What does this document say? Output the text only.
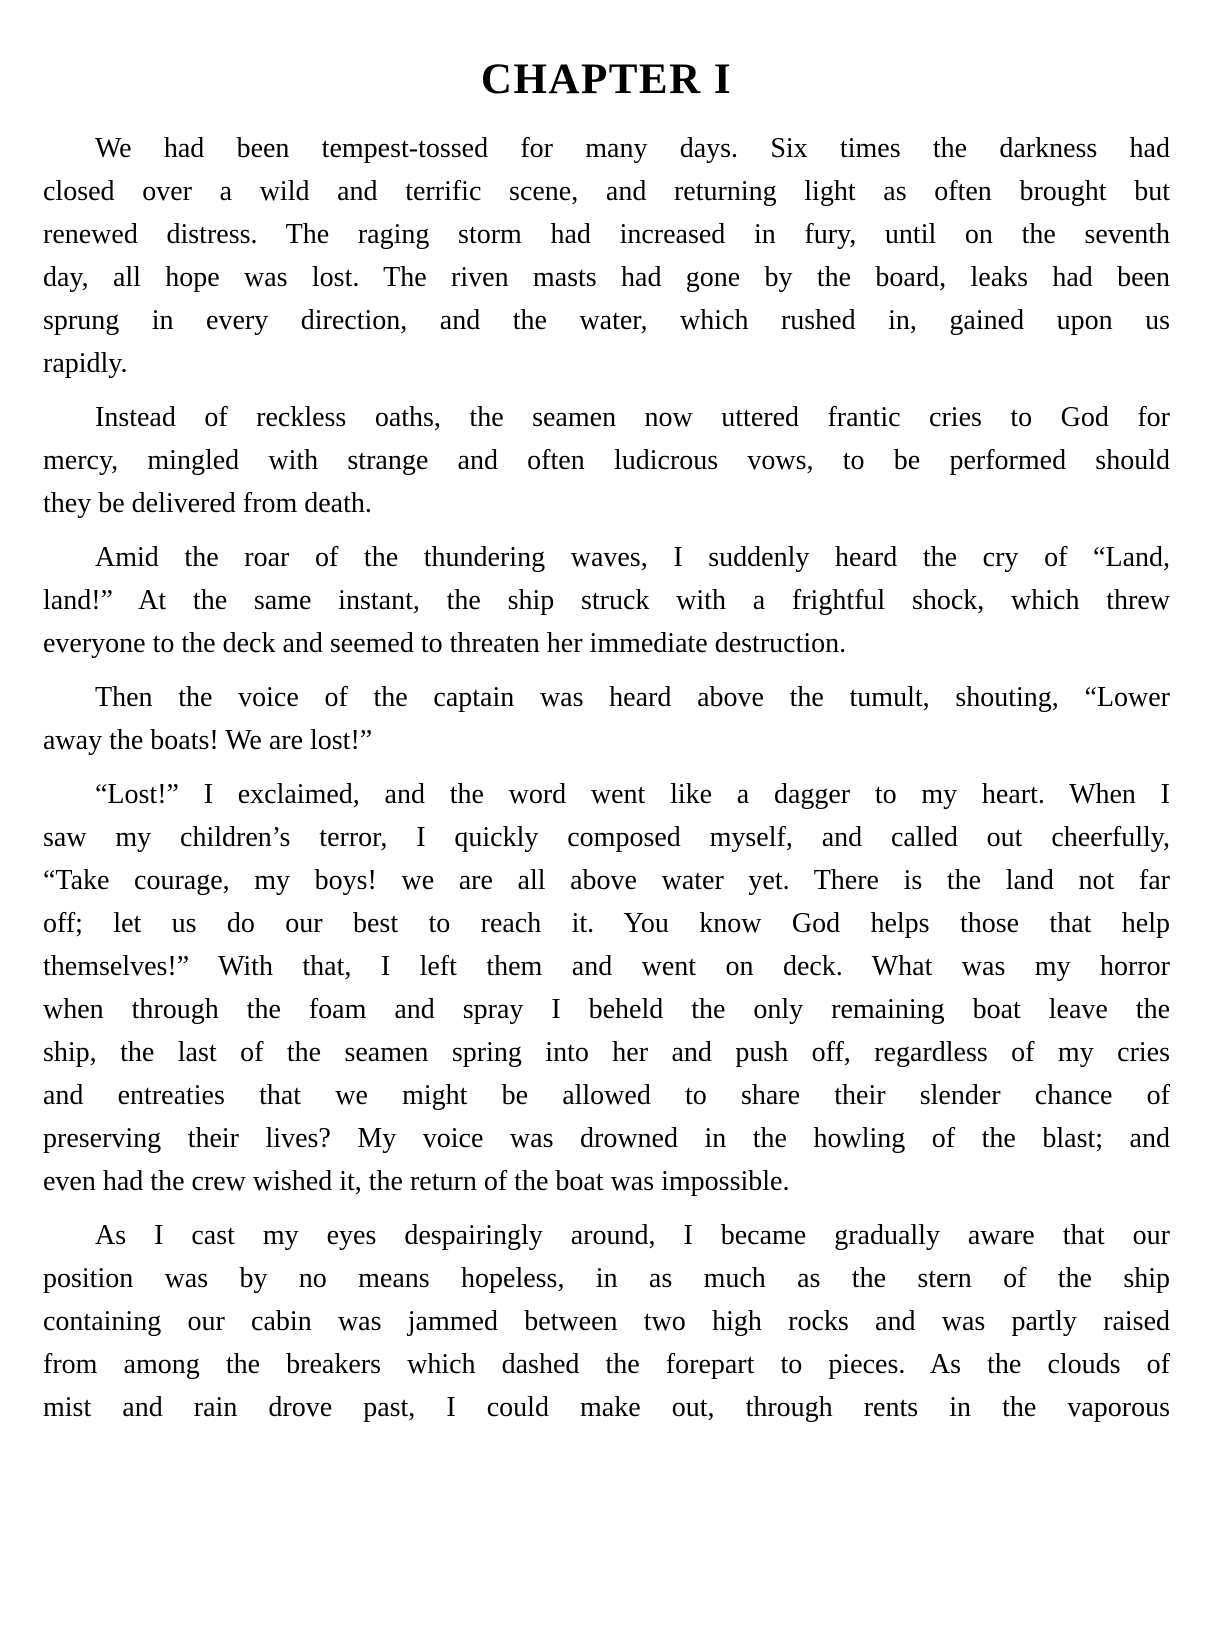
CHAPTER I
We had been tempest-tossed for many days. Six times the darkness had
closed over a wild and terrific scene, and returning light as often brought but
renewed distress. The raging storm had increased in fury, until on the seventh
day, all hope was lost. The riven masts had gone by the board, leaks had been
sprung in every direction, and the water, which rushed in, gained upon us
rapidly.
Instead of reckless oaths, the seamen now uttered frantic cries to God for
mercy, mingled with strange and often ludicrous vows, to be performed should
they be delivered from death.
Amid the roar of the thundering waves, I suddenly heard the cry of “Land,
land!” At the same instant, the ship struck with a frightful shock, which threw
everyone to the deck and seemed to threaten her immediate destruction.
Then the voice of the captain was heard above the tumult, shouting, “Lower
away the boats! We are lost!”
“Lost!” I exclaimed, and the word went like a dagger to my heart. When I
saw my children’s terror, I quickly composed myself, and called out cheerfully,
“Take courage, my boys! we are all above water yet. There is the land not far
off; let us do our best to reach it. You know God helps those that help
themselves!” With that, I left them and went on deck. What was my horror
when through the foam and spray I beheld the only remaining boat leave the
ship, the last of the seamen spring into her and push off, regardless of my cries
and entreaties that we might be allowed to share their slender chance of
preserving their lives? My voice was drowned in the howling of the blast; and
even had the crew wished it, the return of the boat was impossible.
As I cast my eyes despairingly around, I became gradually aware that our
position was by no means hopeless, in as much as the stern of the ship
containing our cabin was jammed between two high rocks and was partly raised
from among the breakers which dashed the forepart to pieces. As the clouds of
mist and rain drove past, I could make out, through rents in the vaporous
